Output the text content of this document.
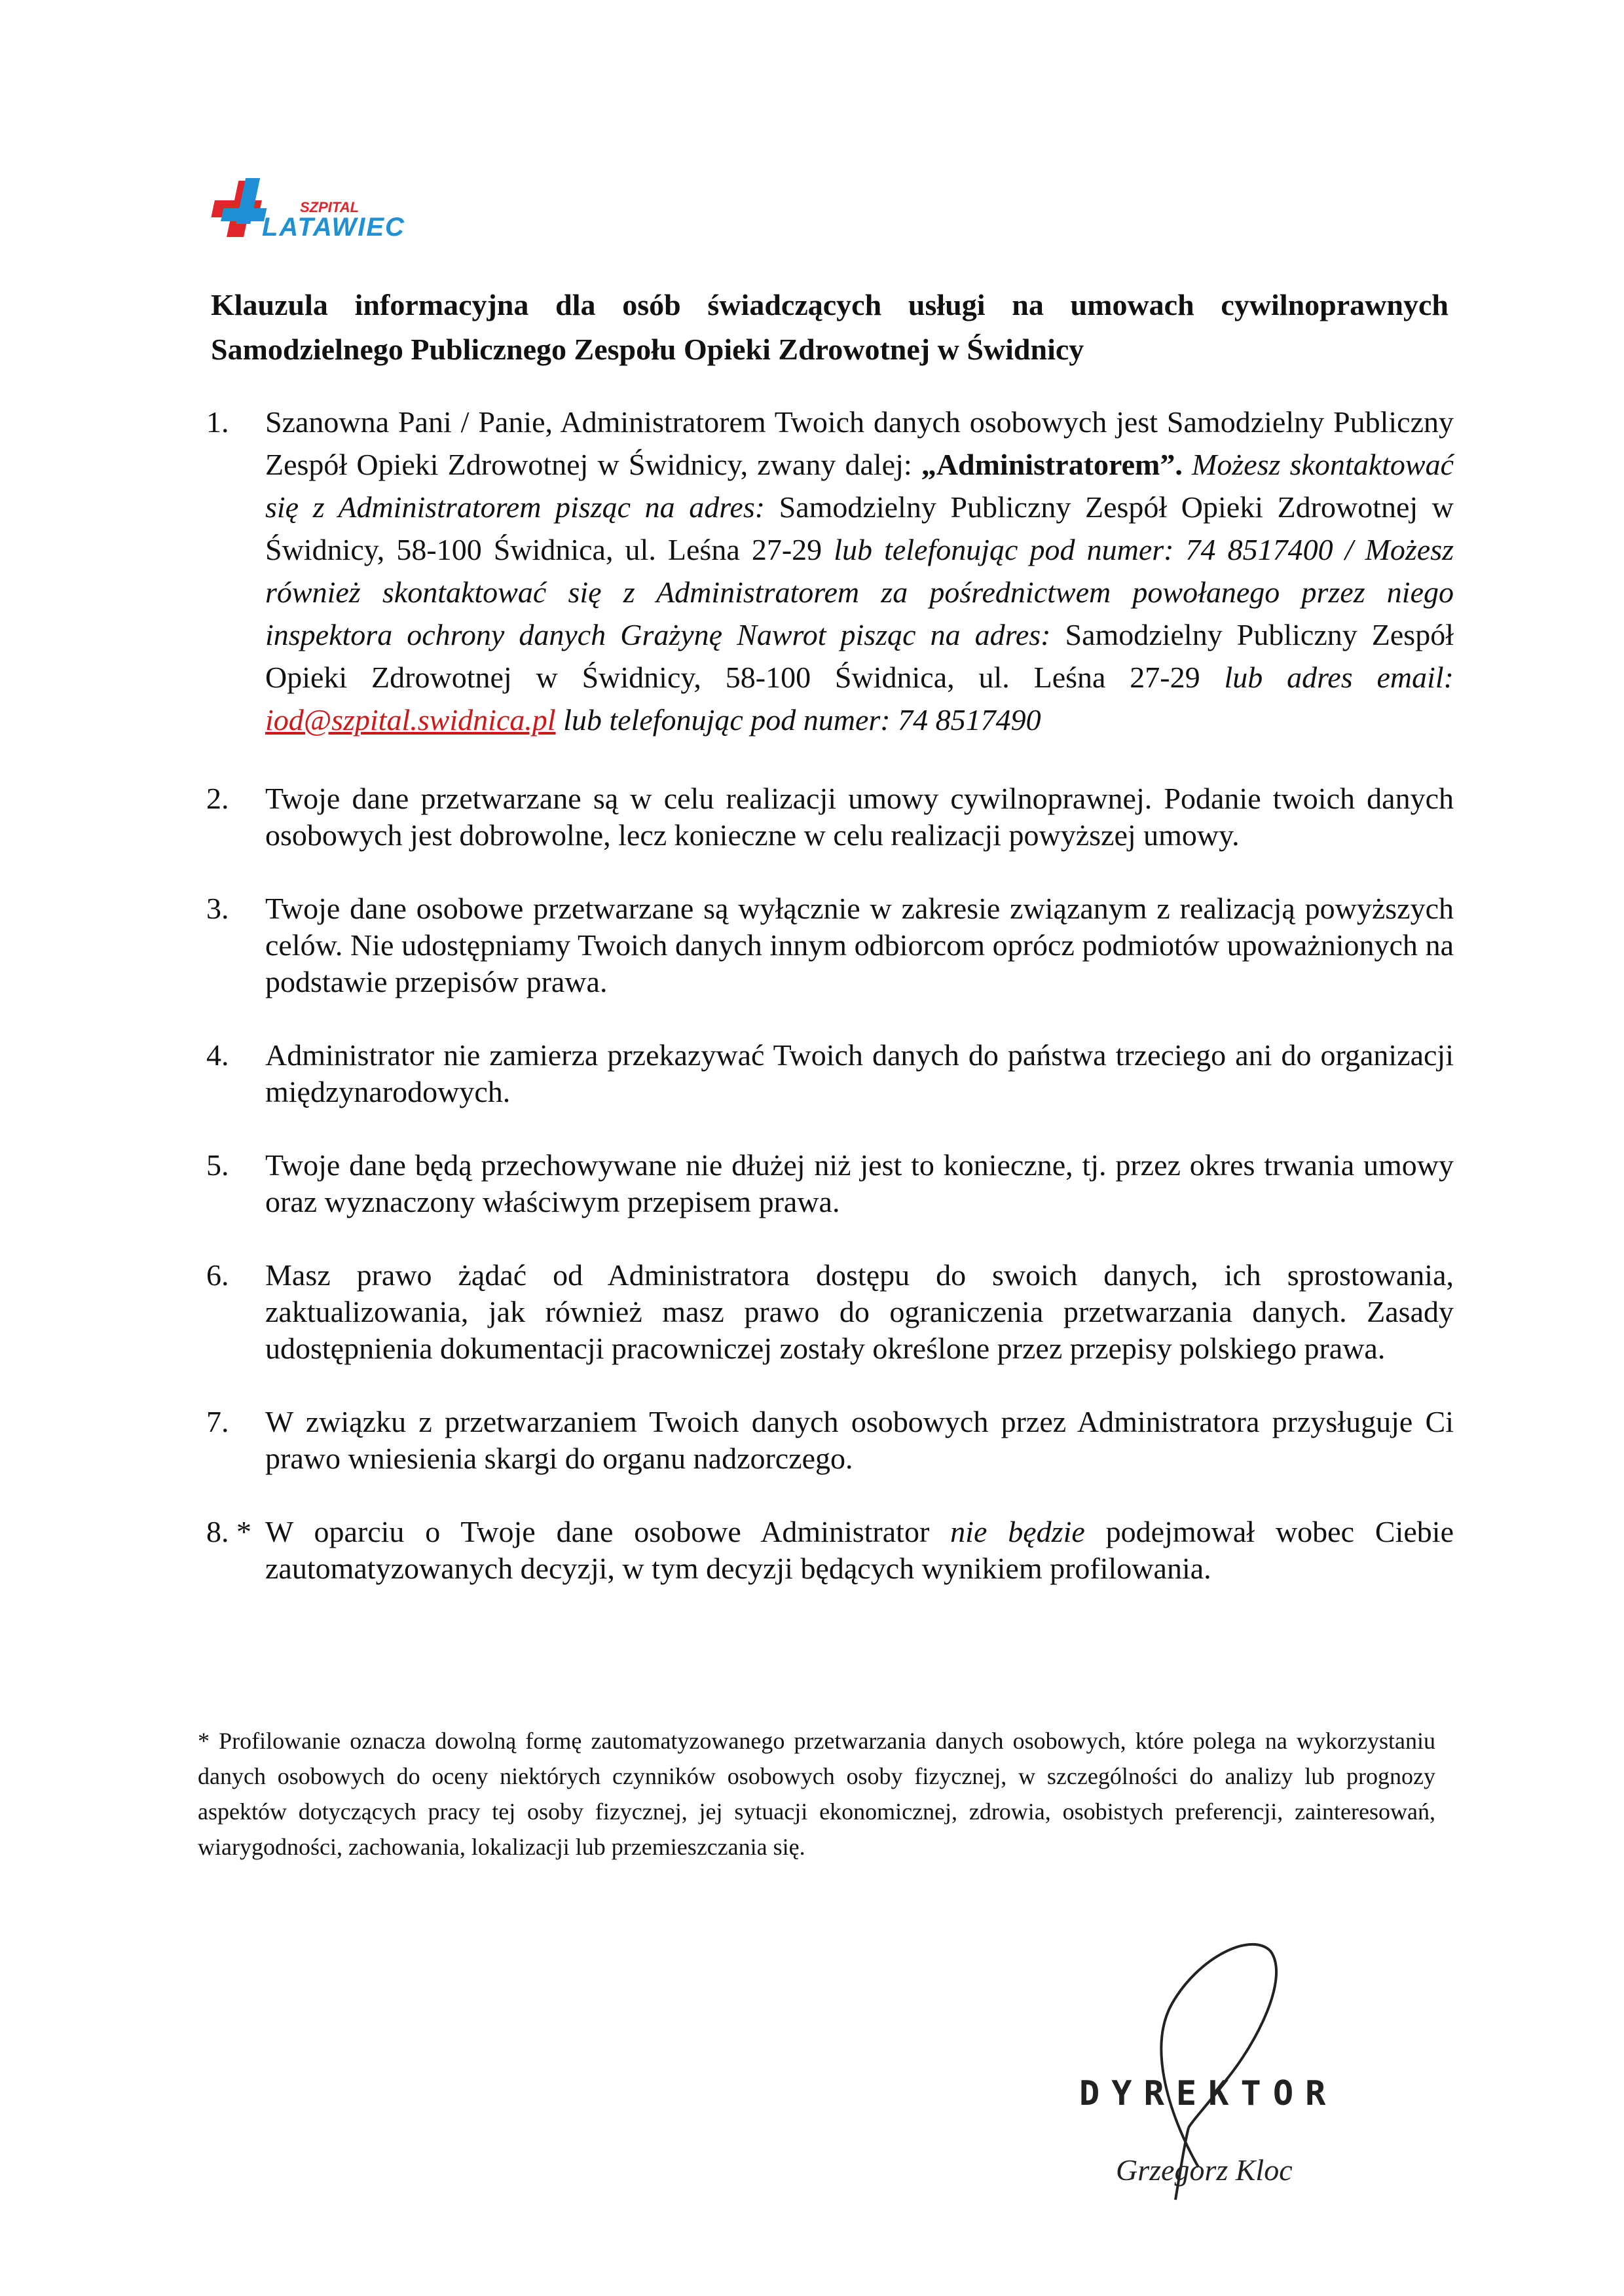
SZPITAL
LATAWIEC
Klauzula informacyjna dla osób świadczących usługi na umowach cywilnoprawnych
Samodzielnego Publicznego Zespołu Opieki Zdrowotnej w Świdnicy
1. Szanowna Pani / Panie, Administratorem Twoich danych osobowych jest Samodzielny Publiczny Zespół Opieki Zdrowotnej w Świdnicy, zwany dalej: „Administratorem”. Możesz skontaktować się z Administratorem pisząc na adres: Samodzielny Publiczny Zespół Opieki Zdrowotnej w Świdnicy, 58-100 Świdnica, ul. Leśna 27-29 lub telefonując pod numer: 74 8517400 / Możesz również skontaktować się z Administratorem za pośrednictwem powołanego przez niego inspektora ochrony danych Grażynę Nawrot pisząc na adres: Samodzielny Publiczny Zespół Opieki Zdrowotnej w Świdnicy, 58-100 Świdnica, ul. Leśna 27-29 lub adres email: iod@szpital.swidnica.pl lub telefonując pod numer: 74 8517490
2. Twoje dane przetwarzane są w celu realizacji umowy cywilnoprawnej. Podanie twoich danych osobowych jest dobrowolne, lecz konieczne w celu realizacji powyższej umowy.
3. Twoje dane osobowe przetwarzane są wyłącznie w zakresie związanym z realizacją powyższych celów. Nie udostępniamy Twoich danych innym odbiorcom oprócz podmiotów upoważnionych na podstawie przepisów prawa.
4. Administrator nie zamierza przekazywać Twoich danych do państwa trzeciego ani do organizacji międzynarodowych.
5. Twoje dane będą przechowywane nie dłużej niż jest to konieczne, tj. przez okres trwania umowy oraz wyznaczony właściwym przepisem prawa.
6. Masz prawo żądać od Administratora dostępu do swoich danych, ich sprostowania, zaktualizowania, jak również masz prawo do ograniczenia przetwarzania danych. Zasady udostępnienia dokumentacji pracowniczej zostały określone przez przepisy polskiego prawa.
7. W związku z przetwarzaniem Twoich danych osobowych przez Administratora przysługuje Ci prawo wniesienia skargi do organu nadzorczego.
8. * W oparciu o Twoje dane osobowe Administrator nie będzie podejmował wobec Ciebie zautomatyzowanych decyzji, w tym decyzji będących wynikiem profilowania.
* Profilowanie oznacza dowolną formę zautomatyzowanego przetwarzania danych osobowych, które polega na wykorzystaniu danych osobowych do oceny niektórych czynników osobowych osoby fizycznej, w szczególności do analizy lub prognozy aspektów dotyczących pracy tej osoby fizycznej, jej sytuacji ekonomicznej, zdrowia, osobistych preferencji, zainteresowań, wiarygodności, zachowania, lokalizacji lub przemieszczania się.
DYREKTOR
Grzegorz Kloc
